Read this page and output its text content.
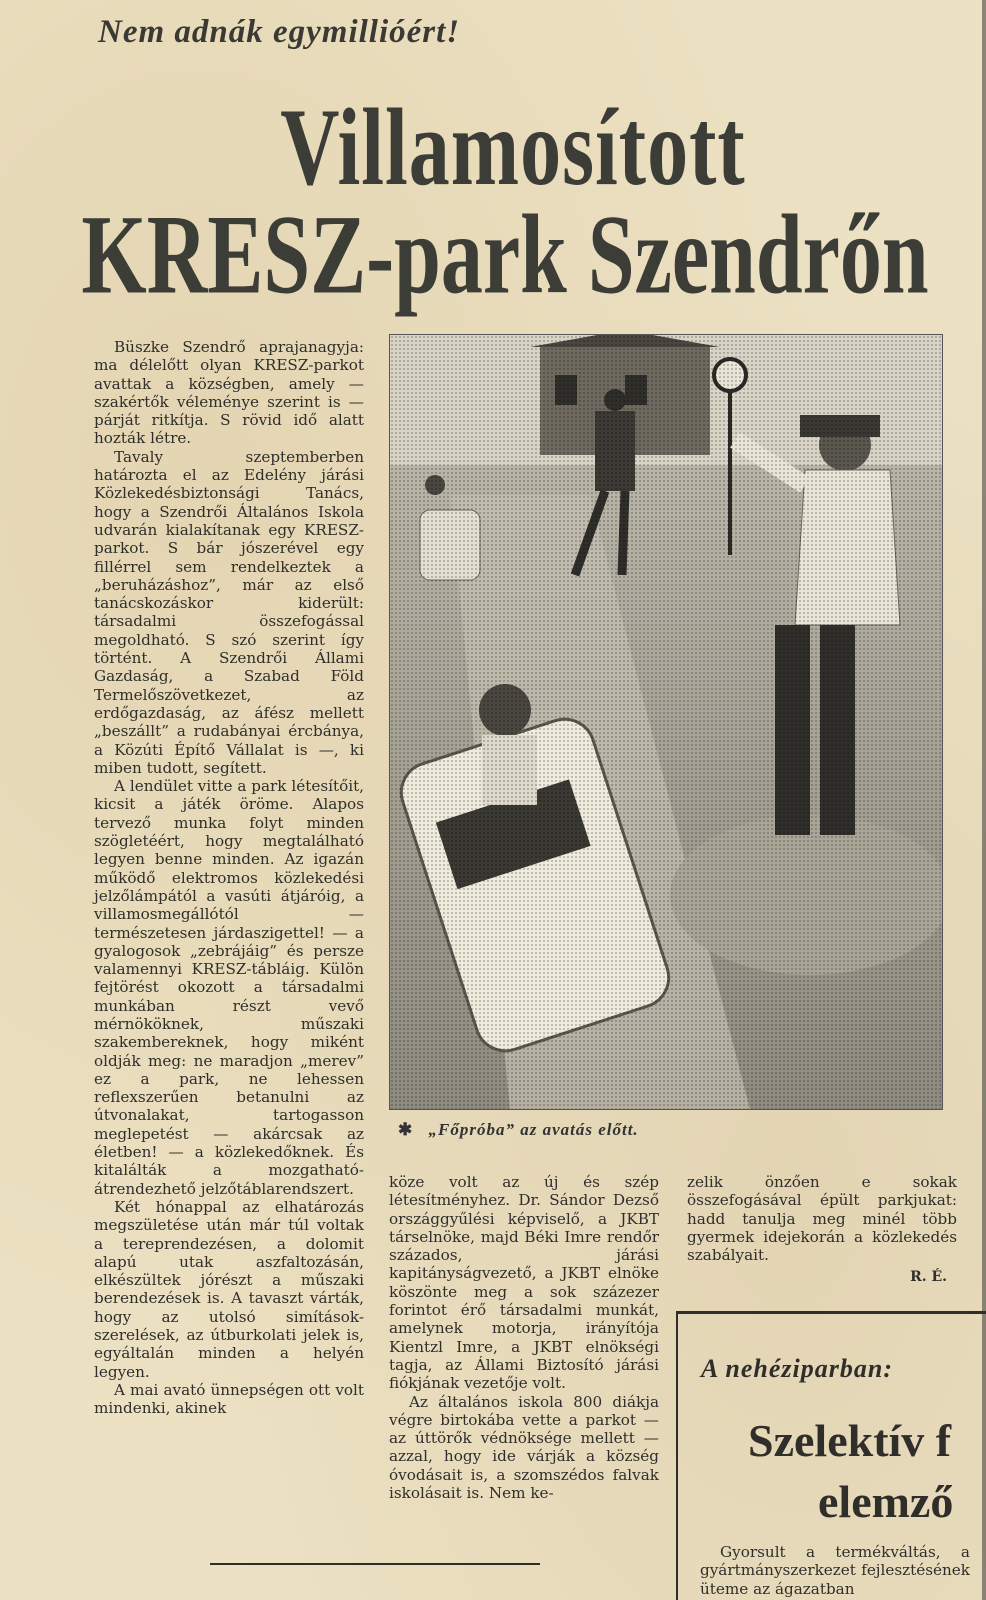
Nem adnák egymillióért!
Villamosított
KRESZ-park Szendrőn

Büszke Szendrő aprajanagyja: ma délelőtt olyan KRESZ-parkot avattak a községben, amely — szakértők véleménye szerint is — párját ritkítja. S rövid idő alatt hozták létre.

Tavaly szeptemberben határozta el az Edelény járási Közlekedésbiztonsági Tanács, hogy a Szendrői Általános Iskola udvarán kialakítanak egy KRESZ-parkot. S bár jószerével egy fillérrel sem rendelkeztek a „beruházáshoz”, már az első tanácskozáskor kiderült: társadalmi összefogással megoldható. S szó szerint így történt. A Szendrői Állami Gazdaság, a Szabad Föld Termelőszövetkezet, az erdőgazdaság, az áfész mellett „beszállt” a rudabányai ércbánya, a Közúti Építő Vállalat is —, ki miben tudott, segített.

A lendület vitte a park létesítőit, kicsit a játék öröme. Alapos tervező munka folyt minden szögletéért, hogy megtalálható legyen benne minden. Az igazán működő elektromos közlekedési jelzőlámpától a vasúti átjáróig, a villamosmegállótól — természetesen járdaszigettel! — a gyalogosok „zebrájáig” és persze valamennyi KRESZ-tábláig. Külön fejtörést okozott a társadalmi munkában részt vevő mérnököknek, műszaki szakembereknek, hogy miként oldják meg: ne maradjon „merev” ez a park, ne lehessen reflexszerűen betanulni az útvonalakat, tartogasson meglepetést — akárcsak az életben! — a közlekedőknek. És kitalálták a mozgatható-átrendezhető jelzőtáblarendszert.

Két hónappal az elhatározás megszületése után már túl voltak a tereprendezésen, a dolomit alapú utak aszfaltozásán, elkészültek jórészt a műszaki berendezések is. A tavaszt várták, hogy az utolsó simítások-szerelések, az útburkolati jelek is, egyáltalán minden a helyén legyen.

A mai avató ünnepségen ott volt mindenki, akinek

✱ „Főpróba” az avatás előtt.

köze volt az új és szép létesítményhez. Dr. Sándor Dezső országgyűlési képviselő, a JKBT társelnöke, majd Béki Imre rendőr százados, járási kapitányságvezető, a JKBT elnöke köszönte meg a sok százezer forintot érő társadalmi munkát, amelynek motorja, irányítója Kientzl Imre, a JKBT elnökségi tagja, az Állami Biztosító járási fiókjának vezetője volt.

Az általános iskola 800 diákja végre birtokába vette a parkot — az úttörők védnöksége mellett — azzal, hogy ide várják a község óvodásait is, a szomszédos falvak iskolásait is. Nem ke-

zelik önzően e sokak összefogásával épült parkjukat: hadd tanulja meg minél több gyermek idejekorán a közlekedés szabályait.

R. É.
A nehéziparban:
Szelektív f
elemző

Gyorsult a termékváltás, a gyártmányszerkezet fejlesztésének üteme az ágazatban
